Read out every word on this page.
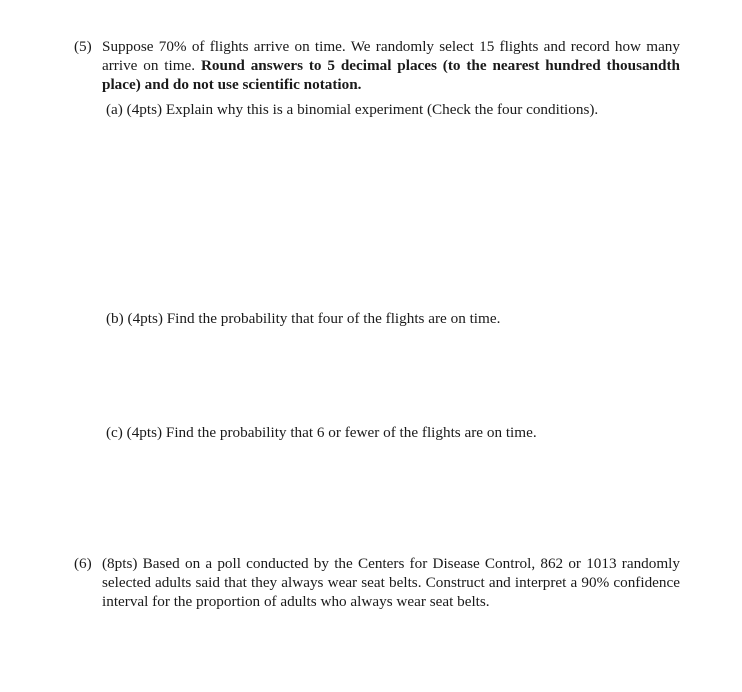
(5) Suppose 70% of flights arrive on time. We randomly select 15 flights and record how many arrive on time. Round answers to 5 decimal places (to the nearest hundred thousandth place) and do not use scientific notation.
(a) (4pts) Explain why this is a binomial experiment (Check the four conditions).
(b) (4pts) Find the probability that four of the flights are on time.
(c) (4pts) Find the probability that 6 or fewer of the flights are on time.
(6) (8pts) Based on a poll conducted by the Centers for Disease Control, 862 or 1013 randomly selected adults said that they always wear seat belts. Construct and interpret a 90% confidence interval for the proportion of adults who always wear seat belts.
